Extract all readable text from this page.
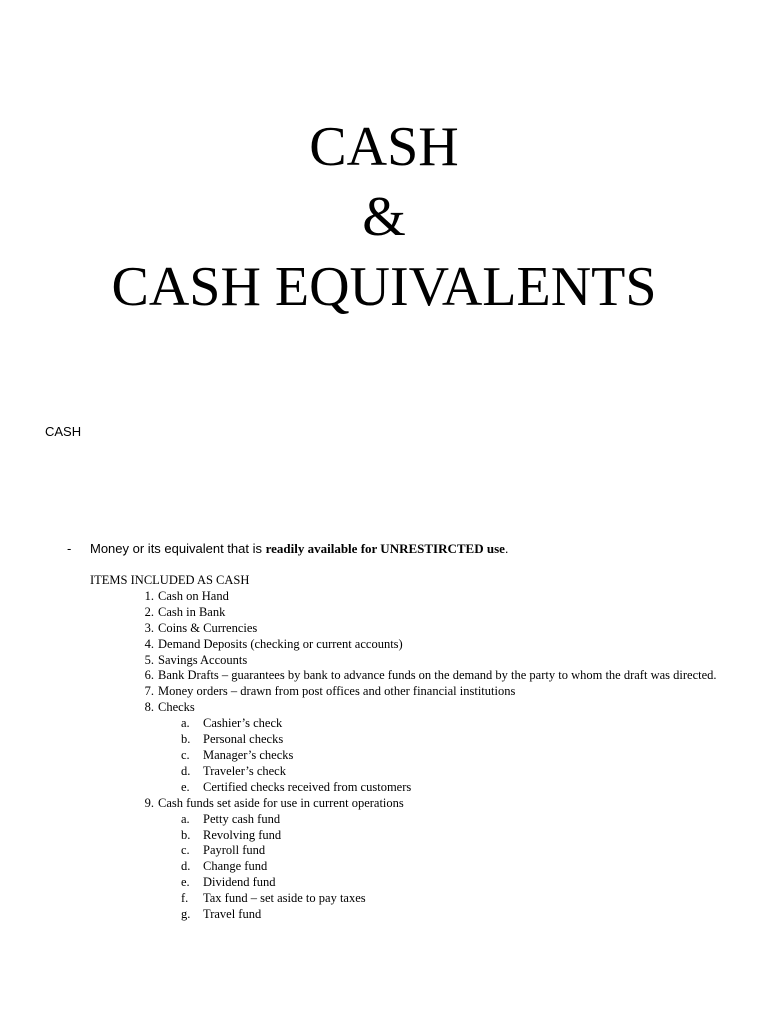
CASH
&
CASH EQUIVALENTS
CASH
- Money or its equivalent that is readily available for UNRESTIRCTED use.
ITEMS INCLUDED AS CASH
1. Cash on Hand
2. Cash in Bank
3. Coins & Currencies
4. Demand Deposits (checking or current accounts)
5. Savings Accounts
6. Bank Drafts – guarantees by bank to advance funds on the demand by the party to whom the draft was directed.
7. Money orders – drawn from post offices and other financial institutions
8. Checks
a. Cashier’s check
b. Personal checks
c. Manager’s checks
d. Traveler’s check
e. Certified checks received from customers
9. Cash funds set aside for use in current operations
a. Petty cash fund
b. Revolving fund
c. Payroll fund
d. Change fund
e. Dividend fund
f. Tax fund – set aside to pay taxes
g. Travel fund
